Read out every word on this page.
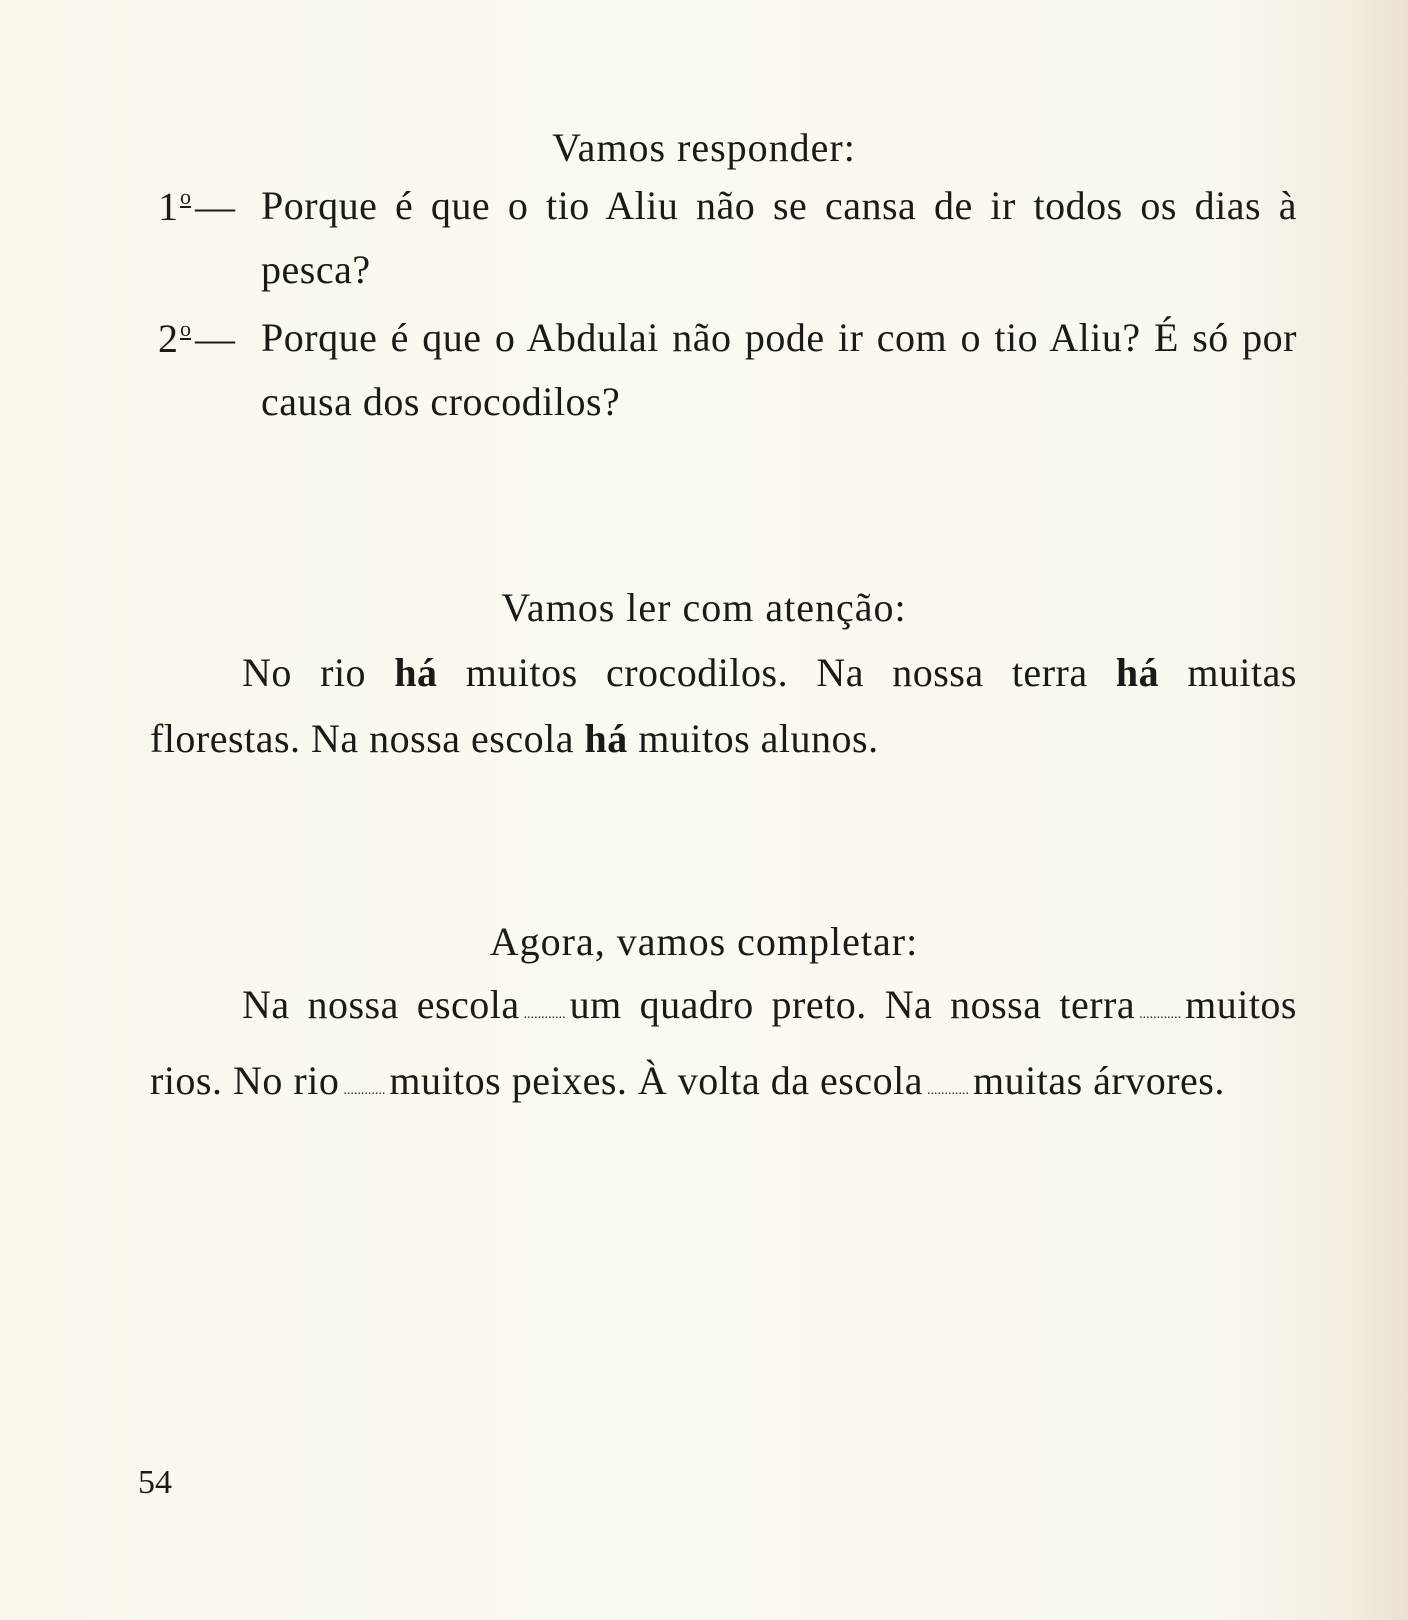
Vamos responder:
1$^o$ — Porque é que o tio Aliu não se cansa de ir todos os dias à pesca?
2$^o$ — Porque é que o Abdulai não pode ir com o tio Aliu? É só por causa dos crocodilos?
Vamos ler com atenção:
No rio há muitos crocodilos. Na nossa terra há muitas florestas. Na nossa escola há muitos alunos.
Agora, vamos completar:
Na nossa escola ............ um quadro preto. Na nossa terra ............ muitos rios. No rio ............ muitos peixes. À volta da escola ............ muitas árvores.
54
